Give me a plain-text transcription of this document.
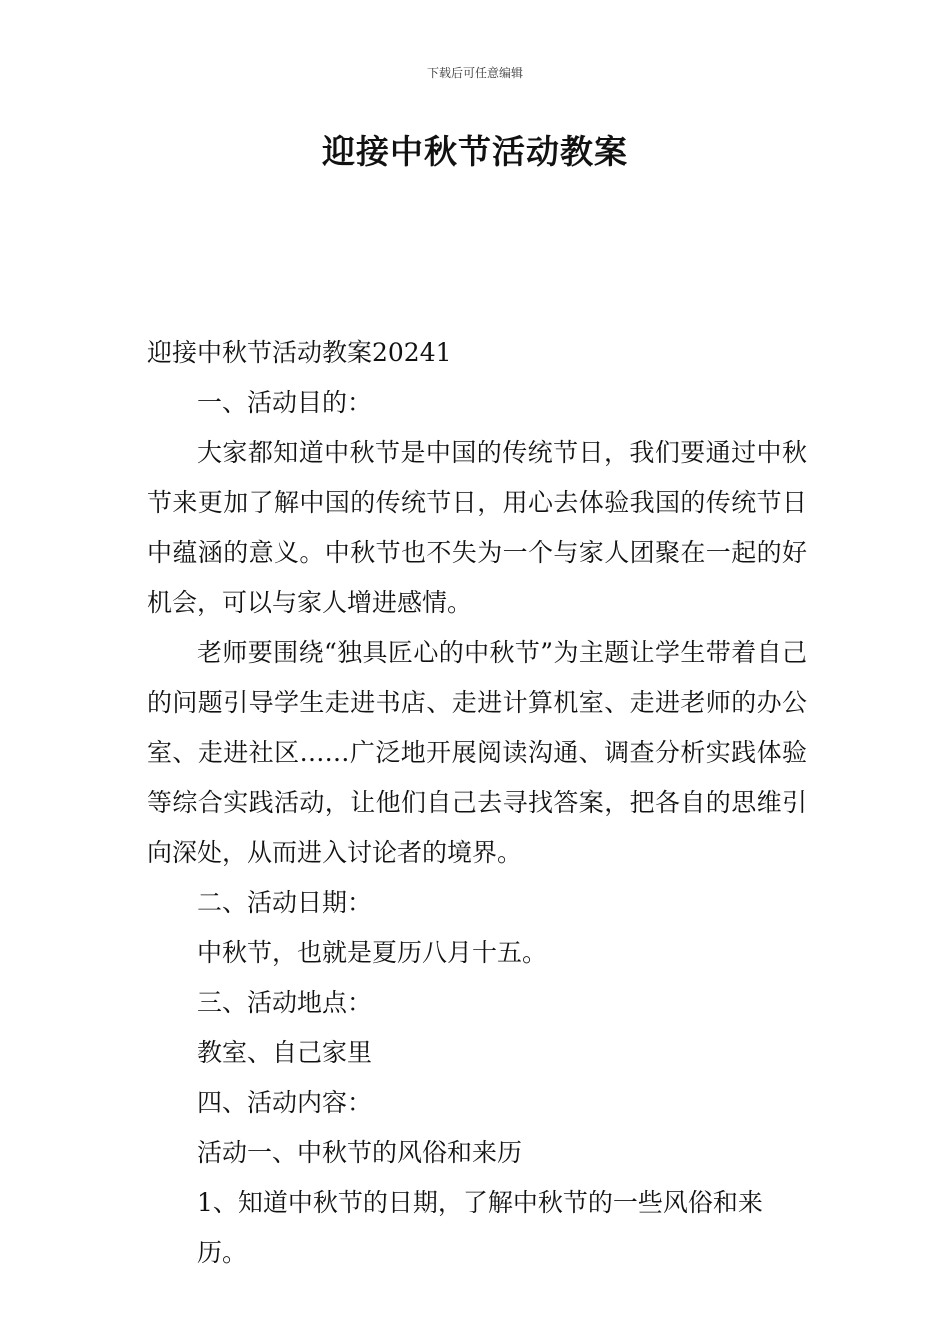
下载后可任意编辑
迎接中秋节活动教案

迎接中秋节活动教案20241

一、活动目的：

大家都知道中秋节是中国的传统节日，我们要通过中秋节来更加了解中国的传统节日，用心去体验我国的传统节日中蕴涵的意义。中秋节也不失为一个与家人团聚在一起的好机会，可以与家人增进感情。

老师要围绕“独具匠心的中秋节”为主题让学生带着自己的问题引导学生走进书店、走进计算机室、走进老师的办公室、走进社区……广泛地开展阅读沟通、调查分析实践体验等综合实践活动，让他们自己去寻找答案，把各自的思维引向深处，从而进入讨论者的境界。

二、活动日期：

中秋节，也就是夏历八月十五。

三、活动地点：

教室、自己家里

四、活动内容：

活动一、中秋节的风俗和来历

1、知道中秋节的日期，了解中秋节的一些风俗和来历。
